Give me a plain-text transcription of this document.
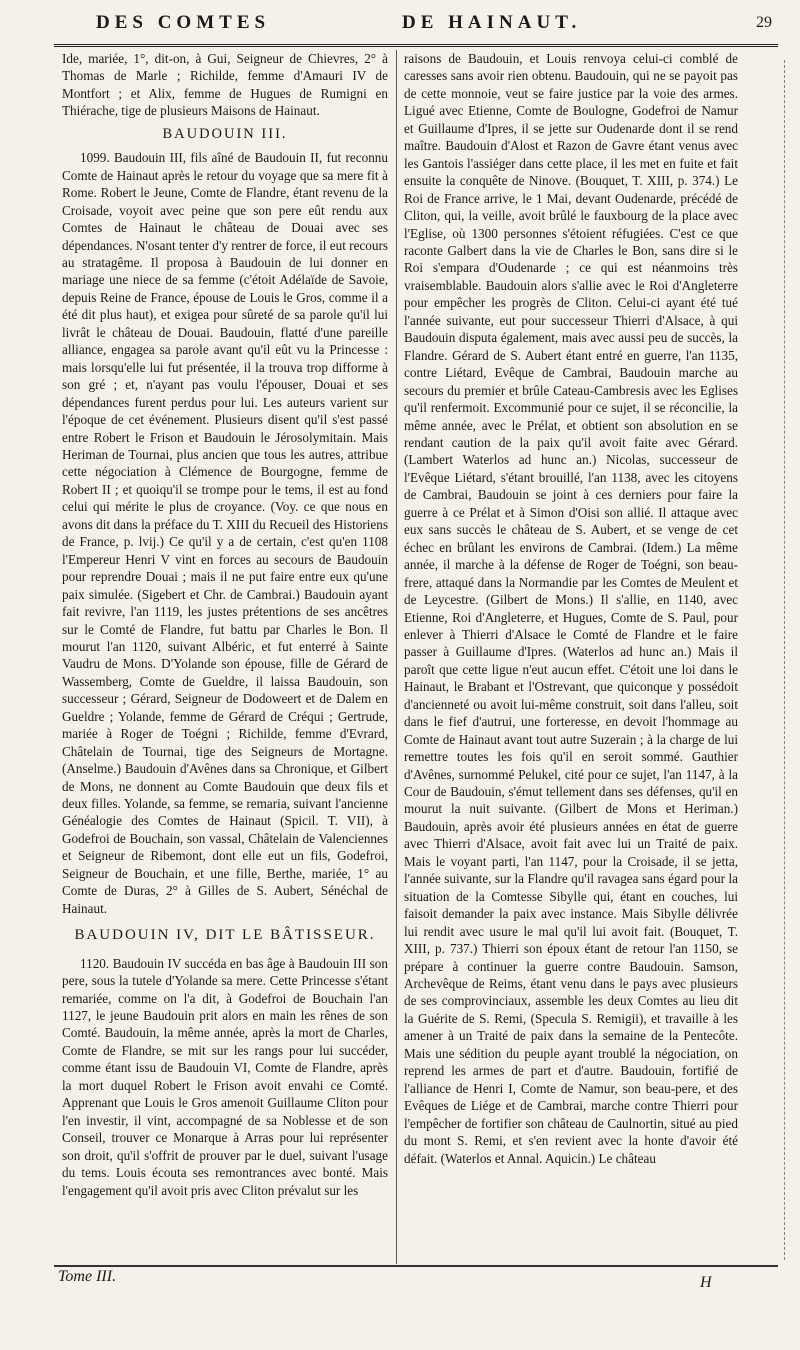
DES COMTES	DE HAINAUT.	29

Ide, mariée, 1°, dit-on, à Gui, Seigneur de Chievres, 2° à Thomas de Marle ; Richilde, femme d'Amauri IV de Montfort ; et Alix, femme de Hugues de Rumigni en Thiérache, tige de plusieurs Maisons de Hainaut.

BAUDOUIN III.

1099. Baudouin III, fils aîné de Baudouin II, fut reconnu Comte de Hainaut après le retour du voyage que sa mere fit à Rome. Robert le Jeune, Comte de Flandre, étant revenu de la Croisade, voyoit avec peine que son pere eût rendu aux Comtes de Hainaut le château de Douai avec ses dépendances. N'osant tenter d'y rentrer de force, il eut recours au stratagême. Il proposa à Baudouin de lui donner en mariage une niece de sa femme (c'étoit Adélaïde de Savoie, depuis Reine de France, épouse de Louis le Gros, comme il a été dit plus haut), et exigea pour sûreté de sa parole qu'il lui livrât le château de Douai. Baudouin, flatté d'une pareille alliance, engagea sa parole avant qu'il eût vu la Princesse : mais lorsqu'elle lui fut présentée, il la trouva trop difforme à son gré ; et, n'ayant pas voulu l'épouser, Douai et ses dépendances furent perdus pour lui. Les auteurs varient sur l'époque de cet événement. Plusieurs disent qu'il s'est passé entre Robert le Frison et Baudouin le Jérosolymitain. Mais Heriman de Tournai, plus ancien que tous les autres, attribue cette négociation à Clémence de Bourgogne, femme de Robert II ; et quoiqu'il se trompe pour le tems, il est au fond celui qui mérite le plus de croyance. (Voy. ce que nous en avons dit dans la préface du T. XIII du Recueil des Historiens de France, p. lvij.) Ce qu'il y a de certain, c'est qu'en 1108 l'Empereur Henri V vint en forces au secours de Baudouin pour reprendre Douai ; mais il ne put faire entre eux qu'une paix simulée. (Sigebert et Chr. de Cambrai.) Baudouin ayant fait revivre, l'an 1119, les justes prétentions de ses ancêtres sur le Comté de Flandre, fut battu par Charles le Bon. Il mourut l'an 1120, suivant Albéric, et fut enterré à Sainte Vaudru de Mons. D'Yolande son épouse, fille de Gérard de Wassemberg, Comte de Gueldre, il laissa Baudouin, son successeur ; Gérard, Seigneur de Dodoweert et de Dalem en Gueldre ; Yolande, femme de Gérard de Créqui ; Gertrude, mariée à Roger de Toégni ; Richilde, femme d'Evrard, Châtelain de Tournai, tige des Seigneurs de Mortagne. (Anselme.) Baudouin d'Avênes dans sa Chronique, et Gilbert de Mons, ne donnent au Comte Baudouin que deux fils et deux filles. Yolande, sa femme, se remaria, suivant l'ancienne Généalogie des Comtes de Hainaut (Spicil. T. VII), à Godefroi de Bouchain, son vassal, Châtelain de Valenciennes et Seigneur de Ribemont, dont elle eut un fils, Godefroi, Seigneur de Bouchain, et une fille, Berthe, mariée, 1° au Comte de Duras, 2° à Gilles de S. Aubert, Sénéchal de Hainaut.

BAUDOUIN IV, DIT LE BÂTISSEUR.

1120. Baudouin IV succéda en bas âge à Baudouin III son pere, sous la tutele d'Yolande sa mere. Cette Princesse s'étant remariée, comme on l'a dit, à Godefroi de Bouchain l'an 1127, le jeune Baudouin prit alors en main les rênes de son Comté. Baudouin, la même année, après la mort de Charles, Comte de Flandre, se mit sur les rangs pour lui succéder, comme étant issu de Baudouin VI, Comte de Flandre, après la mort duquel Robert le Frison avoit envahi ce Comté. Apprenant que Louis le Gros amenoit Guillaume Cliton pour l'en investir, il vint, accompagné de sa Noblesse et de son Conseil, trouver ce Monarque à Arras pour lui représenter son droit, qu'il s'offrit de prouver par le duel, suivant l'usage du tems. Louis écouta ses remontrances avec bonté. Mais l'engagement qu'il avoit pris avec Cliton prévalut sur les

raisons de Baudouin, et Louis renvoya celui-ci comblé de caresses sans avoir rien obtenu. Baudouin, qui ne se payoit pas de cette monnoie, veut se faire justice par la voie des armes. Ligué avec Etienne, Comte de Boulogne, Godefroi de Namur et Guillaume d'Ipres, il se jette sur Oudenarde dont il se rend maître. Baudouin d'Alost et Razon de Gavre étant venus avec les Gantois l'assiéger dans cette place, il les met en fuite et fait ensuite la conquête de Ninove. (Bouquet, T. XIII, p. 374.) Le Roi de France arrive, le 1 Mai, devant Oudenarde, précédé de Cliton, qui, la veille, avoit brûlé le fauxbourg de la place avec l'Eglise, où 1300 personnes s'étoient réfugiées. C'est ce que raconte Galbert dans la vie de Charles le Bon, sans dire si le Roi s'empara d'Oudenarde ; ce qui est néanmoins très vraisemblable. Baudouin alors s'allie avec le Roi d'Angleterre pour empêcher les progrès de Cliton. Celui-ci ayant été tué l'année suivante, eut pour successeur Thierri d'Alsace, à qui Baudouin disputa également, mais avec aussi peu de succès, la Flandre. Gérard de S. Aubert étant entré en guerre, l'an 1135, contre Liétard, Evêque de Cambrai, Baudouin marche au secours du premier et brûle Cateau-Cambresis avec les Eglises qu'il renfermoit. Excommunié pour ce sujet, il se réconcilie, la même année, avec le Prélat, et obtient son absolution en se rendant caution de la paix qu'il avoit faite avec Gérard. (Lambert Waterlos ad hunc an.) Nicolas, successeur de l'Evêque Liétard, s'étant brouillé, l'an 1138, avec les citoyens de Cambrai, Baudouin se joint à ces derniers pour faire la guerre à ce Prélat et à Simon d'Oisi son allié. Il attaque avec eux sans succès le château de S. Aubert, et se venge de cet échec en brûlant les environs de Cambrai. (Idem.) La même année, il marche à la défense de Roger de Toégni, son beau-frere, attaqué dans la Normandie par les Comtes de Meulent et de Leycestre. (Gilbert de Mons.) Il s'allie, en 1140, avec Etienne, Roi d'Angleterre, et Hugues, Comte de S. Paul, pour enlever à Thierri d'Alsace le Comté de Flandre et le faire passer à Guillaume d'Ipres. (Waterlos ad hunc an.) Mais il paroît que cette ligue n'eut aucun effet. C'étoit une loi dans le Hainaut, le Brabant et l'Ostrevant, que quiconque y possédoit d'ancienneté ou avoit lui-même construit, soit dans l'alleu, soit dans le fief d'autrui, une forteresse, en devoit l'hommage au Comte de Hainaut avant tout autre Suzerain ; à la charge de lui remettre toutes les fois qu'il en seroit sommé. Gauthier d'Avênes, surnommé Pelukel, cité pour ce sujet, l'an 1147, à la Cour de Baudouin, s'émut tellement dans ses défenses, qu'il en mourut la nuit suivante. (Gilbert de Mons et Heriman.) Baudouin, après avoir été plusieurs années en état de guerre avec Thierri d'Alsace, avoit fait avec lui un Traité de paix. Mais le voyant parti, l'an 1147, pour la Croisade, il se jetta, l'année suivante, sur la Flandre qu'il ravagea sans égard pour la situation de la Comtesse Sibylle qui, étant en couches, lui faisoit demander la paix avec instance. Mais Sibylle délivrée lui rendit avec usure le mal qu'il lui avoit fait. (Bouquet, T. XIII, p. 737.) Thierri son époux étant de retour l'an 1150, se prépare à continuer la guerre contre Baudouin. Samson, Archevêque de Reims, étant venu dans le pays avec plusieurs de ses comprovinciaux, assemble les deux Comtes au lieu dit la Guérite de S. Remi, (Specula S. Remigii), et travaille à les amener à un Traité de paix dans la semaine de la Pentecôte. Mais une sédition du peuple ayant troublé la négociation, on reprend les armes de part et d'autre. Baudouin, fortifié de l'alliance de Henri I, Comte de Namur, son beau-pere, et des Evêques de Liége et de Cambrai, marche contre Thierri pour l'empêcher de fortifier son château de Caulnortin, situé au pied du mont S. Remi, et s'en revient avec la honte d'avoir été défait. (Waterlos et Annal. Aquicin.) Le château

Tome III.	H
